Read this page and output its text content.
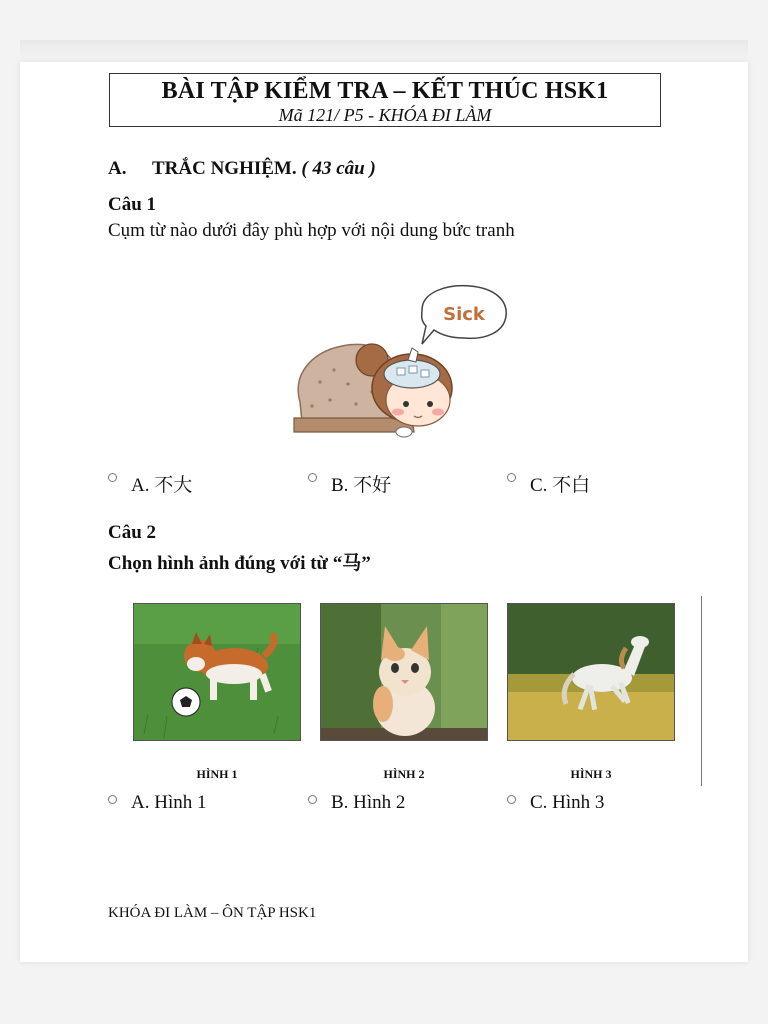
BÀI TẬP KIỂM TRA – KẾT THÚC HSK1
Mã 121/ P5 - KHÓA ĐI LÀM
A. TRẮC NGHIỆM. ( 43 câu )
Câu 1
Cụm từ nào dưới đây phù hợp với nội dung bức tranh
Sick
A. 不大	B. 不好	C. 不白
Câu 2
Chọn hình ảnh đúng với từ “马”
HÌNH 1	HÌNH 2	HÌNH 3
A. Hình 1	B. Hình 2	C. Hình 3
KHÓA ĐI LÀM – ÔN TẬP HSK1
